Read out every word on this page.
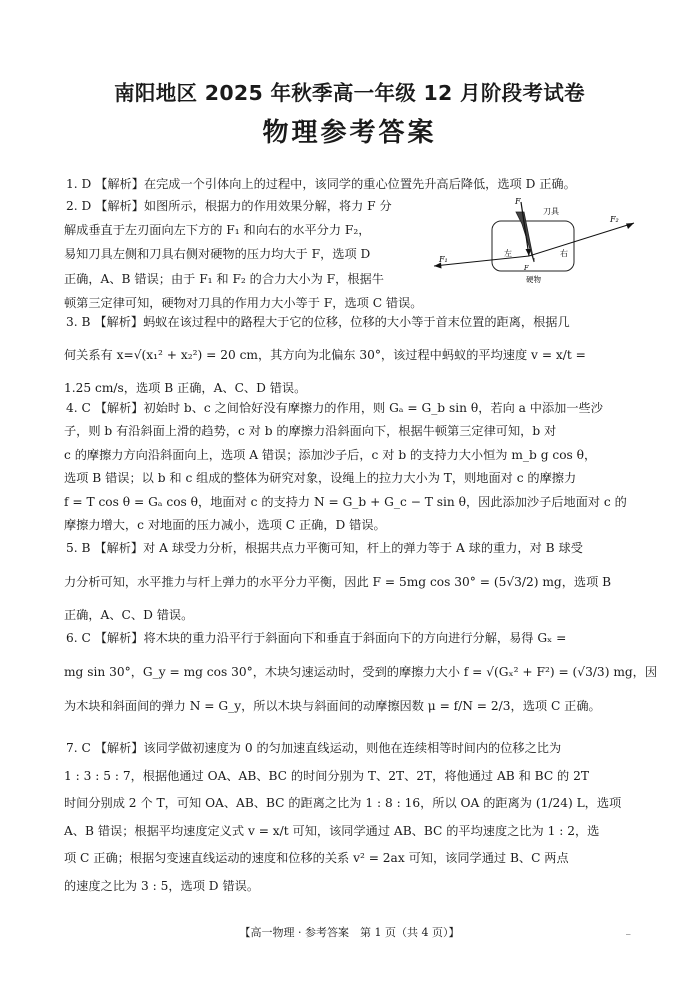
南阳地区 2025 年秋季高一年级 12 月阶段考试卷
物理参考答案
1. D 【解析】在完成一个引体向上的过程中，该同学的重心位置先升高后降低，选项 D 正确。
2. D 【解析】如图所示，根据力的作用效果分解，将力 F 分
解成垂直于左刃面向左下方的 F₁ 和向右的水平分力 F₂，
易知刀具左侧和刀具右侧对硬物的压力均大于 F，选项 D
正确，A、B 错误；由于 F₁ 和 F₂ 的合力大小为 F，根据牛
顿第三定律可知，硬物对刀具的作用力大小等于 F，选项 C 错误。
3. B 【解析】蚂蚁在该过程中的路程大于它的位移，位移的大小等于首末位置的距离，根据几
何关系有 x=√(x₁² + x₂²) = 20 cm，其方向为北偏东 30°，该过程中蚂蚁的平均速度 v = x/t =
1.25 cm/s，选项 B 正确，A、C、D 错误。
4. C 【解析】初始时 b、c 之间恰好没有摩擦力的作用，则 Gₐ = G_b sin θ，若向 a 中添加一些沙
子，则 b 有沿斜面上滑的趋势，c 对 b 的摩擦力沿斜面向下，根据牛顿第三定律可知，b 对
c 的摩擦力方向沿斜面向上，选项 A 错误；添加沙子后，c 对 b 的支持力大小恒为 m_b g cos θ，
选项 B 错误；以 b 和 c 组成的整体为研究对象，设绳上的拉力大小为 T，则地面对 c 的摩擦力
f = T cos θ = Gₐ cos θ，地面对 c 的支持力 N = G_b + G_c − T sin θ，因此添加沙子后地面对 c 的
摩擦力增大，c 对地面的压力减小，选项 C 正确，D 错误。
5. B 【解析】对 A 球受力分析，根据共点力平衡可知，杆上的弹力等于 A 球的重力，对 B 球受
力分析可知，水平推力与杆上弹力的水平分力平衡，因此 F = 5mg cos 30° = (5√3/2) mg，选项 B
正确，A、C、D 错误。
6. C 【解析】将木块的重力沿平行于斜面向下和垂直于斜面向下的方向进行分解，易得 Gₓ =
mg sin 30°，G_y = mg cos 30°，木块匀速运动时，受到的摩擦力大小 f = √(Gₓ² + F²) = (√3/3) mg，因
为木块和斜面间的弹力 N = G_y，所以木块与斜面间的动摩擦因数 μ = f/N = 2/3，选项 C 正确。
7. C 【解析】该同学做初速度为 0 的匀加速直线运动，则他在连续相等时间内的位移之比为
1 : 3 : 5 : 7，根据他通过 OA、AB、BC 的时间分别为 T、2T、2T，将他通过 AB 和 BC 的 2T
时间分别成 2 个 T，可知 OA、AB、BC 的距离之比为 1 : 8 : 16，所以 OA 的距离为 (1/24) L，选项
A、B 错误；根据平均速度定义式 v = x/t 可知，该同学通过 AB、BC 的平均速度之比为 1 : 2，选
项 C 正确；根据匀变速直线运动的速度和位移的关系 v² = 2ax 可知，该同学通过 B、C 两点
的速度之比为 3 : 5，选项 D 错误。
F
刀具
F₁
F₂
左	右
F
硬物
【高一物理 · 参考答案　第 1 页（共 4 页）】	_
